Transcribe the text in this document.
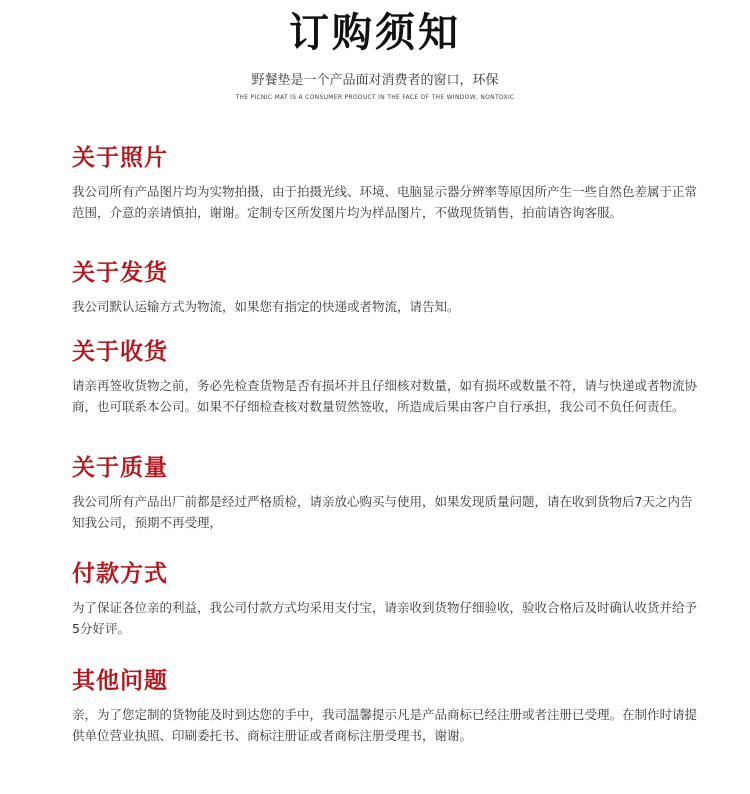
订购须知
野餐垫是一个产品面对消费者的窗口，环保
THE PICNIC MAT IS A CONSUMER PRODUCT IN THE FACE OF THE WINDOW, NONTOXIC
关于照片
我公司所有产品图片均为实物拍摄，由于拍摄光线、环境、电脑显示器分辨率等原因所产生一些自然色差属于正常范围，介意的亲请慎拍，谢谢。定制专区所发图片均为样品图片，不做现货销售，拍前请咨询客服。
关于发货
我公司默认运输方式为物流，如果您有指定的快递或者物流，请告知。
关于收货
请亲再签收货物之前，务必先检查货物是否有损坏并且仔细核对数量，如有损坏或数量不符，请与快递或者物流协商，也可联系本公司。如果不仔细检查核对数量贸然签收，所造成后果由客户自行承担，我公司不负任何责任。
关于质量
我公司所有产品出厂前都是经过严格质检，请亲放心购买与使用，如果发现质量问题，请在收到货物后7天之内告知我公司，预期不再受理，
付款方式
为了保证各位亲的利益，我公司付款方式均采用支付宝，请亲收到货物仔细验收，验收合格后及时确认收货并给予5分好评。
其他问题
亲，为了您定制的货物能及时到达您的手中，我司温馨提示凡是产品商标已经注册或者注册已受理。在制作时请提供单位营业执照、印刷委托书、商标注册证或者商标注册受理书，谢谢。
